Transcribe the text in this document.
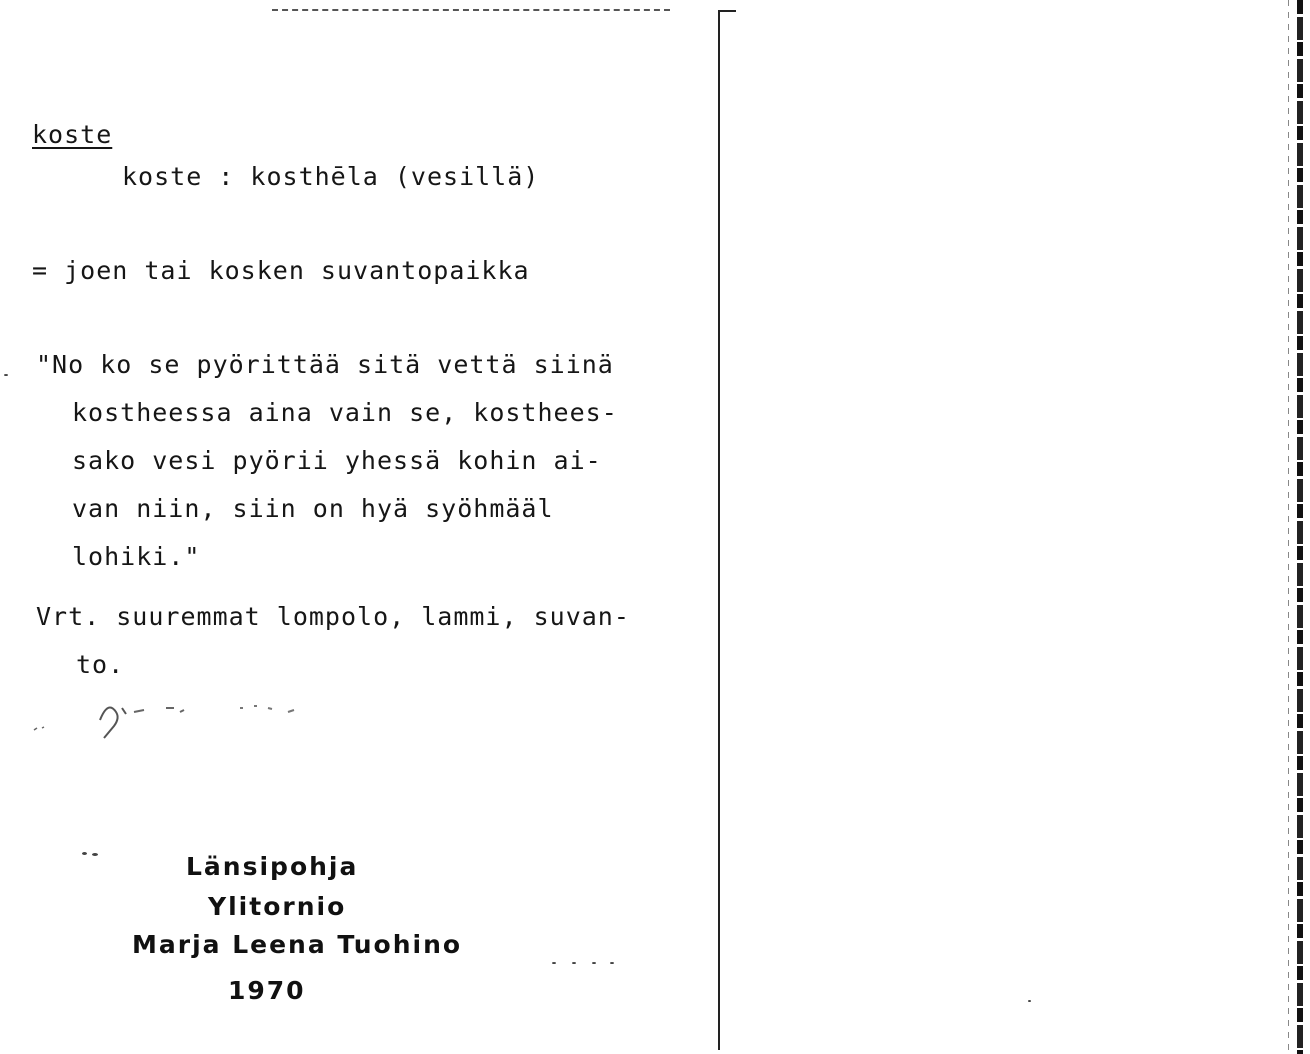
koste
koste : kosthēla (vesillä)
= joen tai kosken suvantopaikka
"No ko se pyörittää sitä vettä siinä
kostheessa aina vain se, kosthees-
sako vesi pyörii yhessä kohin ai-
van niin, siin on hyä syöhmääl
lohiki."
Vrt. suuremmat lompolo, lammi, suvan-
to.
Länsipohja
Ylitornio
Marja Leena Tuohino
1970
